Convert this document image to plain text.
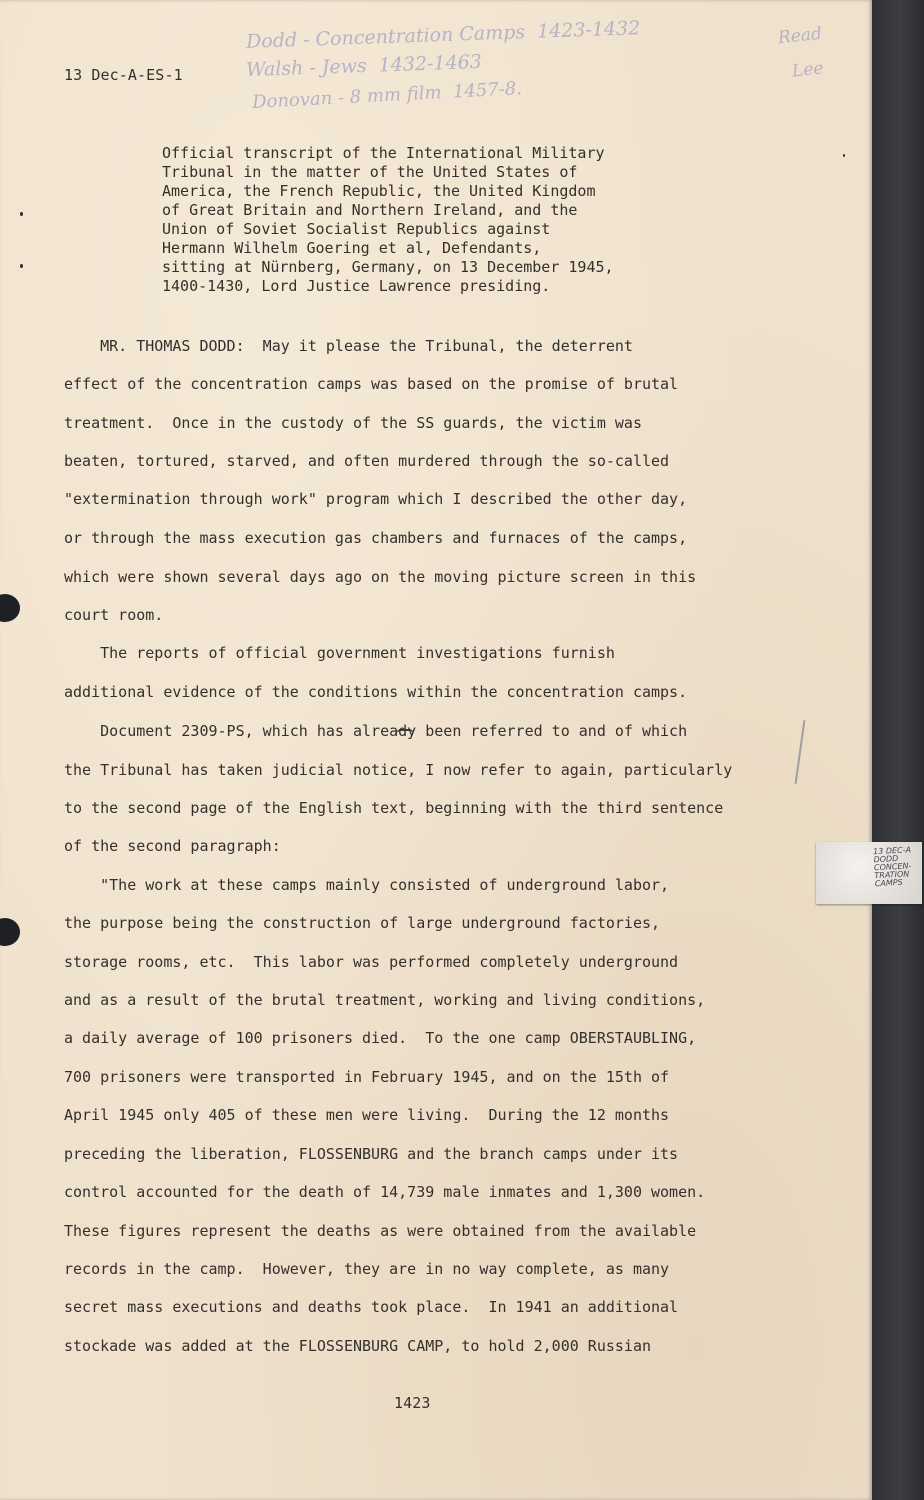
13 Dec-A-ES-1
Dodd - Concentration Camps  1423-1432
Walsh - Jews  1432-1463
Donovan - 8 mm film  1457-8.
Read
Lee
Official transcript of the International Military
Tribunal in the matter of the United States of
America, the French Republic, the United Kingdom
of Great Britain and Northern Ireland, and the
Union of Soviet Socialist Republics against
Hermann Wilhelm Goering et al, Defendants,
sitting at Nürnberg, Germany, on 13 December 1945,
1400-1430, Lord Justice Lawrence presiding.
MR. THOMAS DODD:  May it please the Tribunal, the deterrent
effect of the concentration camps was based on the promise of brutal
treatment.  Once in the custody of the SS guards, the victim was
beaten, tortured, starved, and often murdered through the so-called
"extermination through work" program which I described the other day,
or through the mass execution gas chambers and furnaces of the camps,
which were shown several days ago on the moving picture screen in this
court room.
The reports of official government investigations furnish
additional evidence of the conditions within the concentration camps.
Document 2309-PS, which has already been referred to and of which
the Tribunal has taken judicial notice, I now refer to again, particularly
to the second page of the English text, beginning with the third sentence
of the second paragraph:
"The work at these camps mainly consisted of underground labor,
the purpose being the construction of large underground factories,
storage rooms, etc.  This labor was performed completely underground
and as a result of the brutal treatment, working and living conditions,
a daily average of 100 prisoners died.  To the one camp OBERSTAUBLING,
700 prisoners were transported in February 1945, and on the 15th of
April 1945 only 405 of these men were living.  During the 12 months
preceding the liberation, FLOSSENBURG and the branch camps under its
control accounted for the death of 14,739 male inmates and 1,300 women.
These figures represent the deaths as were obtained from the available
records in the camp.  However, they are in no way complete, as many
secret mass executions and deaths took place.  In 1941 an additional
stockade was added at the FLOSSENBURG CAMP, to hold 2,000 Russian
1423
13 DEC-A
DODD
CONCEN-
TRATION
CAMPS
